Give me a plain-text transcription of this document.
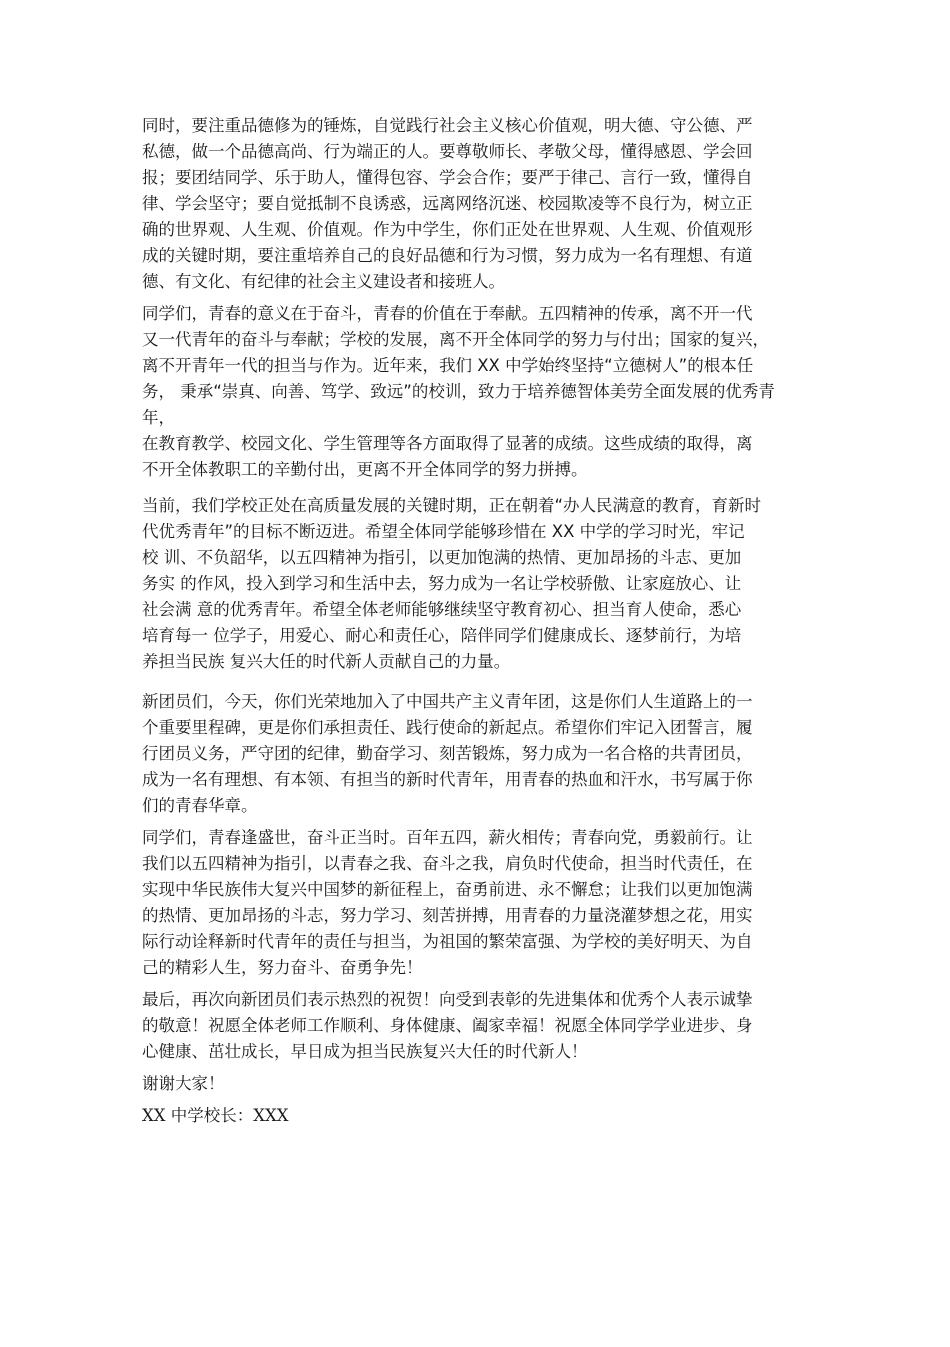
同时，要注重品德修为的锤炼，自觉践行社会主义核心价值观，明大德、守公德、严
私德，做一个品德高尚、行为端正的人。要尊敬师长、孝敬父母，懂得感恩、学会回
报；要团结同学、乐于助人，懂得包容、学会合作；要严于律己、言行一致，懂得自
律、学会坚守；要自觉抵制不良诱惑，远离网络沉迷、校园欺凌等不良行为，树立正
确的世界观、人生观、价值观。作为中学生，你们正处在世界观、人生观、价值观形
成的关键时期，要注重培养自己的良好品德和行为习惯，努力成为一名有理想、有道
德、有文化、有纪律的社会主义建设者和接班人。
同学们，青春的意义在于奋斗，青春的价值在于奉献。五四精神的传承，离不开一代
又一代青年的奋斗与奉献；学校的发展，离不开全体同学的努力与付出；国家的复兴，
离不开青年一代的担当与作为。近年来，我们 XX 中学始终坚持“立德树人”的根本任
务， 秉承“崇真、向善、笃学、致远”的校训，致力于培养德智体美劳全面发展的优秀青
年，
在教育教学、校园文化、学生管理等各方面取得了显著的成绩。这些成绩的取得，离
不开全体教职工的辛勤付出，更离不开全体同学的努力拼搏。
当前，我们学校正处在高质量发展的关键时期，正在朝着“办人民满意的教育，育新时
代优秀青年”的目标不断迈进。希望全体同学能够珍惜在 XX 中学的学习时光，牢记
校 训、不负韶华，以五四精神为指引，以更加饱满的热情、更加昂扬的斗志、更加
务实 的作风，投入到学习和生活中去，努力成为一名让学校骄傲、让家庭放心、让
社会满 意的优秀青年。希望全体老师能够继续坚守教育初心、担当育人使命，悉心
培育每一 位学子，用爱心、耐心和责任心，陪伴同学们健康成长、逐梦前行，为培
养担当民族 复兴大任的时代新人贡献自己的力量。
新团员们，今天，你们光荣地加入了中国共产主义青年团，这是你们人生道路上的一
个重要里程碑，更是你们承担责任、践行使命的新起点。希望你们牢记入团誓言，履
行团员义务，严守团的纪律，勤奋学习、刻苦锻炼，努力成为一名合格的共青团员，
成为一名有理想、有本领、有担当的新时代青年，用青春的热血和汗水，书写属于你
们的青春华章。
同学们，青春逢盛世，奋斗正当时。百年五四，薪火相传；青春向党，勇毅前行。让
我们以五四精神为指引，以青春之我、奋斗之我，肩负时代使命，担当时代责任，在
实现中华民族伟大复兴中国梦的新征程上，奋勇前进、永不懈怠；让我们以更加饱满
的热情、更加昂扬的斗志，努力学习、刻苦拼搏，用青春的力量浇灌梦想之花，用实
际行动诠释新时代青年的责任与担当，为祖国的繁荣富强、为学校的美好明天、为自
己的精彩人生，努力奋斗、奋勇争先！
最后，再次向新团员们表示热烈的祝贺！向受到表彰的先进集体和优秀个人表示诚挚
的敬意！祝愿全体老师工作顺利、身体健康、阖家幸福！祝愿全体同学学业进步、身
心健康、茁壮成长，早日成为担当民族复兴大任的时代新人！
谢谢大家！
XX 中学校长：XXX
